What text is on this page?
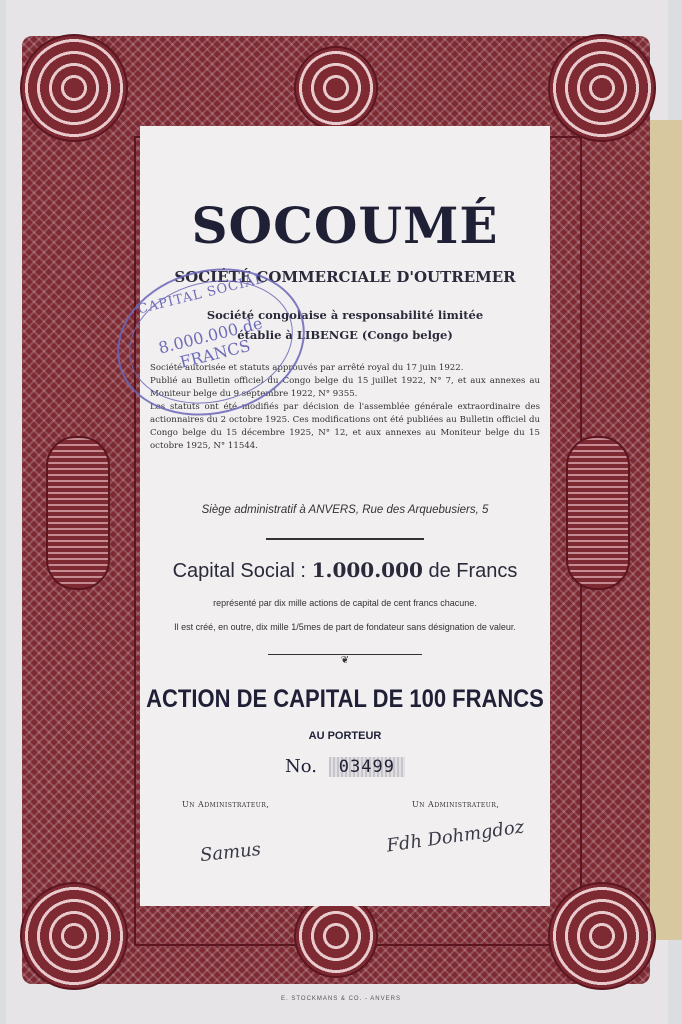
SOCOUMÉ
SOCIÉTÉ COMMERCIALE D'OUTREMER
Société congolaise à responsabilité limitée
établie à LIBENGE (Congo belge)

Société autorisée et statuts approuvés par arrêté royal du 17 juin 1922.

Publié au Bulletin officiel du Congo belge du 15 juillet 1922, N° 7, et aux annexes au Moniteur belge du 9 septembre 1922, N° 9355.

Les statuts ont été modifiés par décision de l'assemblée générale extraordinaire des actionnaires du 2 octobre 1925. Ces modifications ont été publiées au Bulletin officiel du Congo belge du 15 décembre 1925, N° 12, et aux annexes au Moniteur belge du 15 octobre 1925, N° 11544.

Siège administratif à ANVERS, Rue des Arquebusiers, 5
Capital Social : 1.000.000 de Francs
représenté par dix mille actions de capital de cent francs chacune.
Il est créé, en outre, dix mille 1/5mes de part de fondateur sans désignation de valeur.
❦
ACTION DE CAPITAL DE 100 FRANCS
AU PORTEUR
No. 03499
Un Administrateur,	Un Administrateur,
Samus	Fdh Dohmgdoz
CAPITAL SOCIAL
8.000.000 de FRANCS
E. STOCKMANS & CO. - ANVERS
